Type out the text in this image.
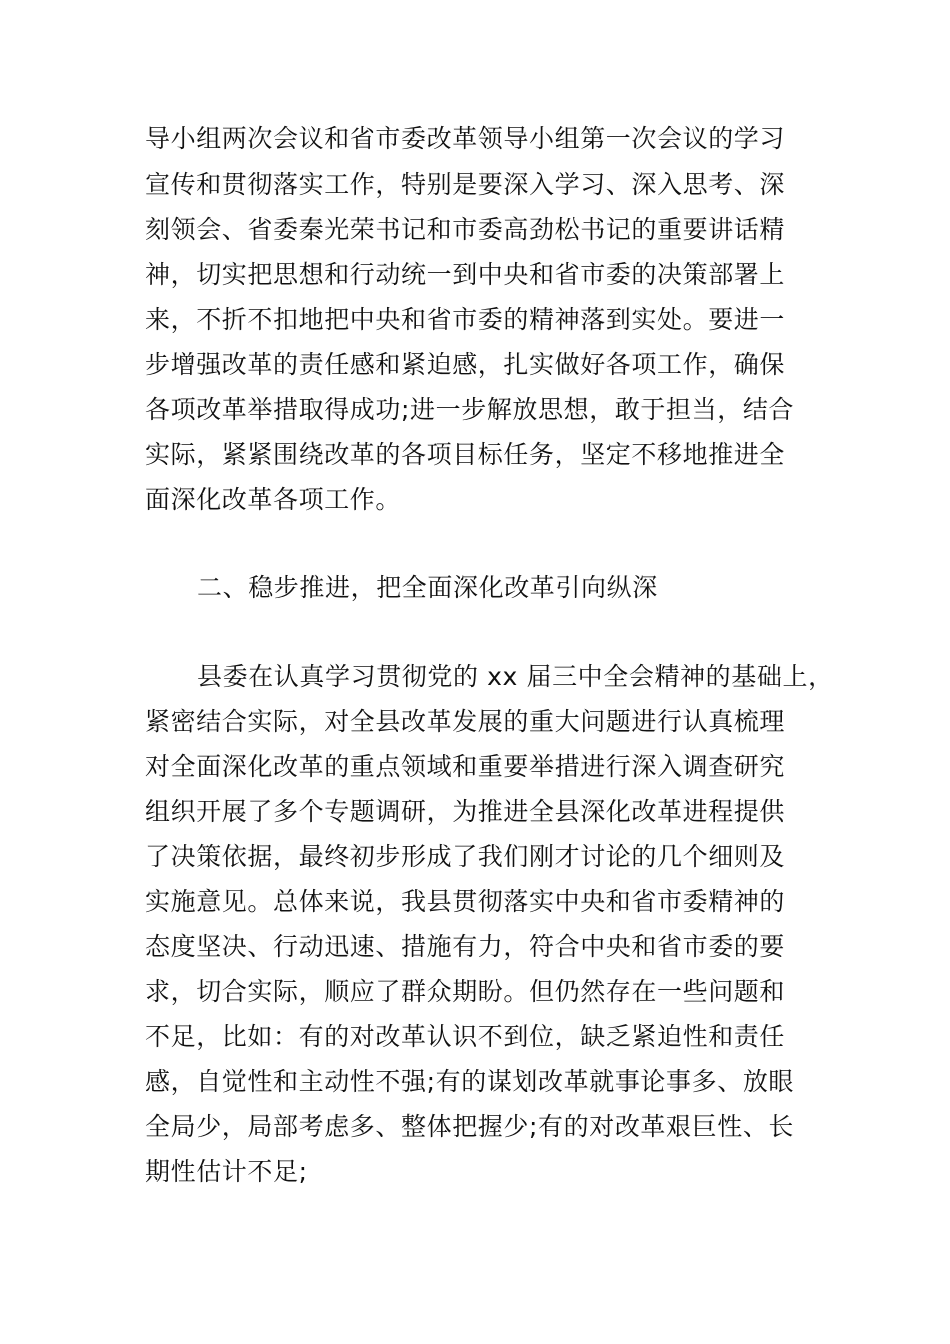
导小组两次会议和省市委改革领导小组第一次会议的学习
宣传和贯彻落实工作，特别是要深入学习、深入思考、深
刻领会、省委秦光荣书记和市委高劲松书记的重要讲话精
神，切实把思想和行动统一到中央和省市委的决策部署上
来，不折不扣地把中央和省市委的精神落到实处。要进一
步增强改革的责任感和紧迫感，扎实做好各项工作，确保
各项改革举措取得成功;进一步解放思想，敢于担当，结合
实际，紧紧围绕改革的各项目标任务，坚定不移地推进全
面深化改革各项工作。
二、稳步推进，把全面深化改革引向纵深
县委在认真学习贯彻党的 xx 届三中全会精神的基础上，
紧密结合实际，对全县改革发展的重大问题进行认真梳理
对全面深化改革的重点领域和重要举措进行深入调查研究
组织开展了多个专题调研，为推进全县深化改革进程提供
了决策依据，最终初步形成了我们刚才讨论的几个细则及
实施意见。总体来说，我县贯彻落实中央和省市委精神的
态度坚决、行动迅速、措施有力，符合中央和省市委的要
求，切合实际，顺应了群众期盼。但仍然存在一些问题和
不足，比如：有的对改革认识不到位，缺乏紧迫性和责任
感，自觉性和主动性不强;有的谋划改革就事论事多、放眼
全局少，局部考虑多、整体把握少;有的对改革艰巨性、长
期性估计不足;
